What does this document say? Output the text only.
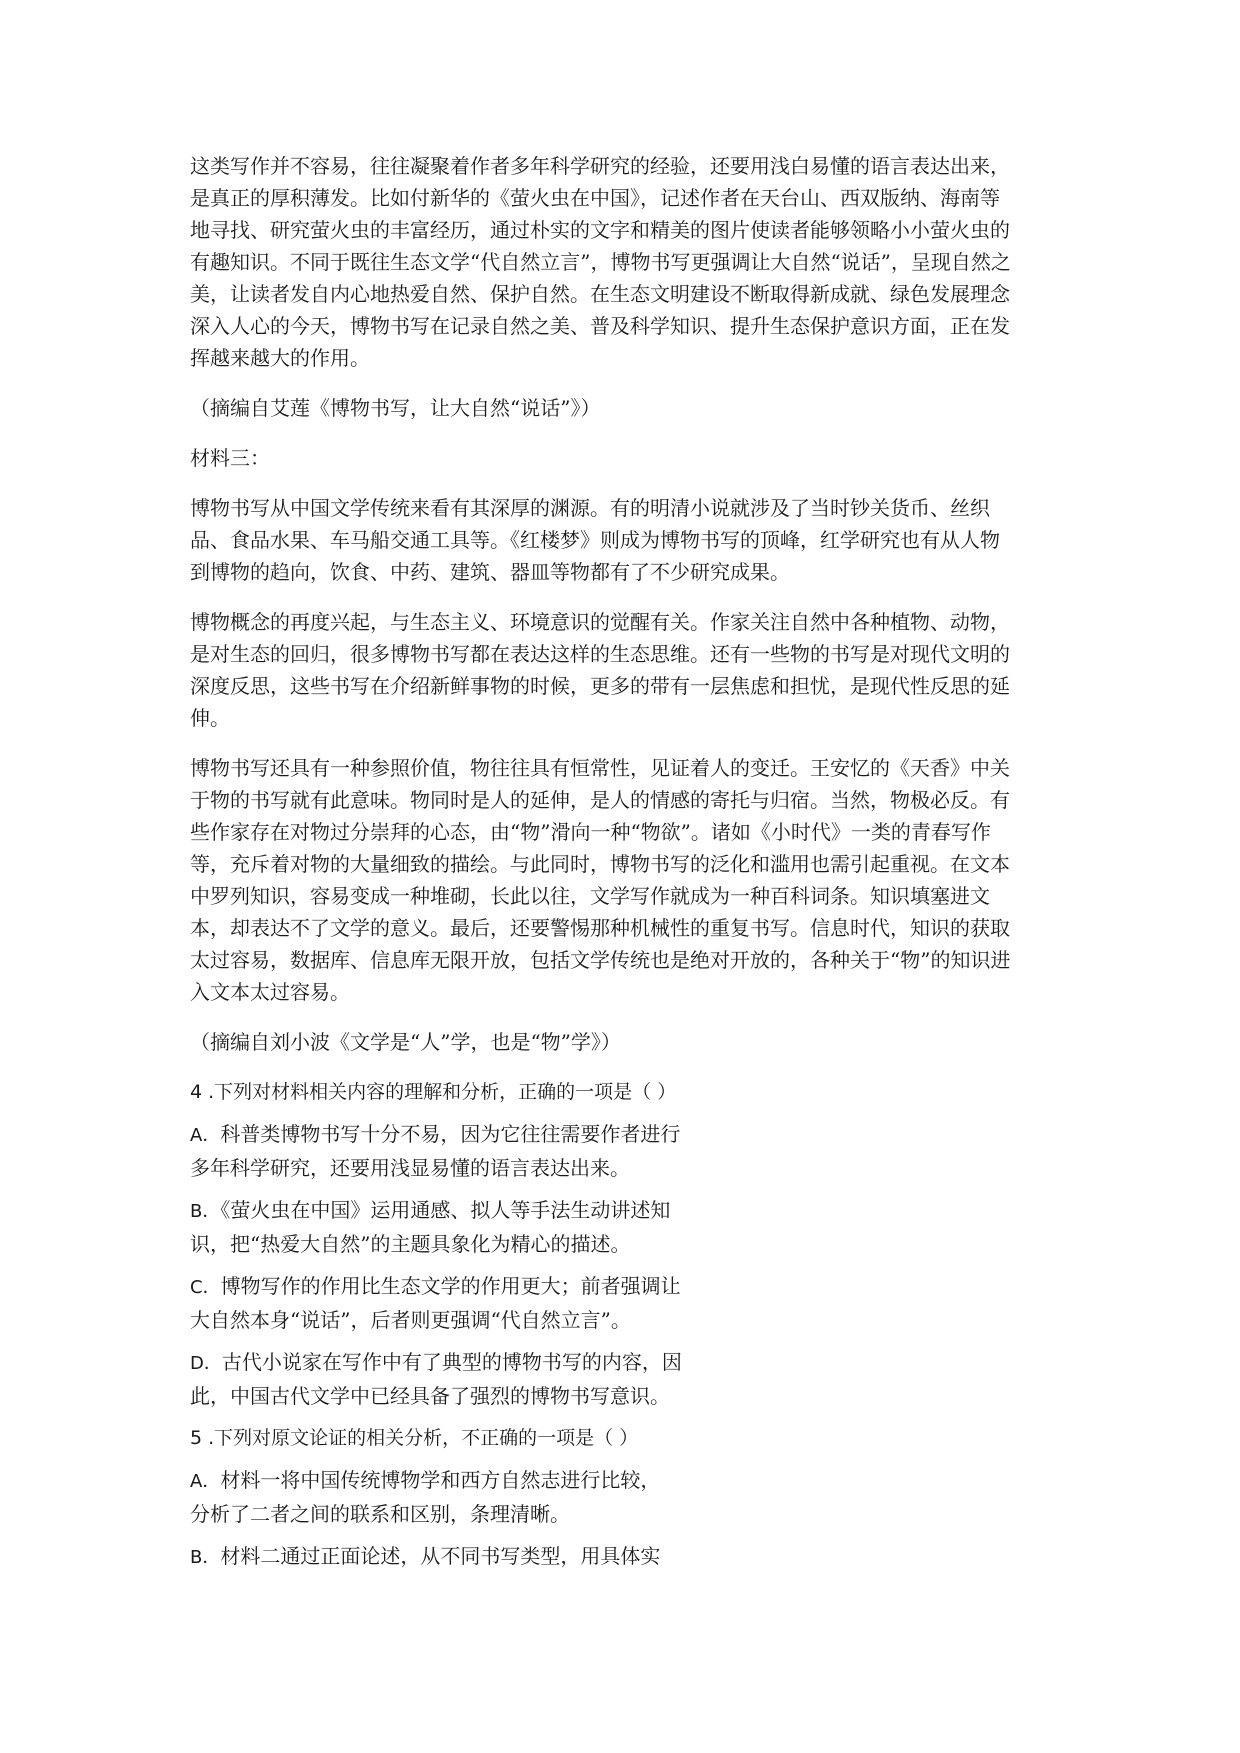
这类写作并不容易，往往凝聚着作者多年科学研究的经验，还要用浅白易懂的语言表达出来，
是真正的厚积薄发。比如付新华的《萤火虫在中国》，记述作者在天台山、西双版纳、海南等
地寻找、研究萤火虫的丰富经历，通过朴实的文字和精美的图片使读者能够领略小小萤火虫的
有趣知识。不同于既往生态文学“代自然立言”，博物书写更强调让大自然“说话”，呈现自然之
美，让读者发自内心地热爱自然、保护自然。在生态文明建设不断取得新成就、绿色发展理念
深入人心的今天，博物书写在记录自然之美、普及科学知识、提升生态保护意识方面，正在发
挥越来越大的作用。
（摘编自艾莲《博物书写，让大自然“说话”》）
材料三：
博物书写从中国文学传统来看有其深厚的渊源。有的明清小说就涉及了当时钞关货币、丝织
品、食品水果、车马船交通工具等。《红楼梦》则成为博物书写的顶峰，红学研究也有从人物
到博物的趋向，饮食、中药、建筑、器皿等物都有了不少研究成果。
博物概念的再度兴起，与生态主义、环境意识的觉醒有关。作家关注自然中各种植物、动物，
是对生态的回归，很多博物书写都在表达这样的生态思维。还有一些物的书写是对现代文明的
深度反思，这些书写在介绍新鲜事物的时候，更多的带有一层焦虑和担忧，是现代性反思的延
伸。
博物书写还具有一种参照价值，物往往具有恒常性，见证着人的变迁。王安忆的《天香》中关
于物的书写就有此意味。物同时是人的延伸，是人的情感的寄托与归宿。当然，物极必反。有
些作家存在对物过分崇拜的心态，由“物”滑向一种“物欲”。诸如《小时代》一类的青春写作
等，充斥着对物的大量细致的描绘。与此同时，博物书写的泛化和滥用也需引起重视。在文本
中罗列知识，容易变成一种堆砌，长此以往，文学写作就成为一种百科词条。知识填塞进文
本，却表达不了文学的意义。最后，还要警惕那种机械性的重复书写。信息时代，知识的获取
太过容易，数据库、信息库无限开放，包括文学传统也是绝对开放的，各种关于“物”的知识进
入文本太过容易。
（摘编自刘小波《文学是“人”学，也是“物”学》）
4 .下列对材料相关内容的理解和分析，正确的一项是（ ）
A．科普类博物书写十分不易，因为它往往需要作者进行
多年科学研究，还要用浅显易懂的语言表达出来。
B．《萤火虫在中国》运用通感、拟人等手法生动讲述知
识，把“热爱大自然”的主题具象化为精心的描述。
C．博物写作的作用比生态文学的作用更大；前者强调让
大自然本身“说话”，后者则更强调“代自然立言”。
D．古代小说家在写作中有了典型的博物书写的内容，因
此，中国古代文学中已经具备了强烈的博物书写意识。
5 .下列对原文论证的相关分析，不正确的一项是（ ）
A．材料一将中国传统博物学和西方自然志进行比较，
分析了二者之间的联系和区别，条理清晰。
B．材料二通过正面论述，从不同书写类型，用具体实
